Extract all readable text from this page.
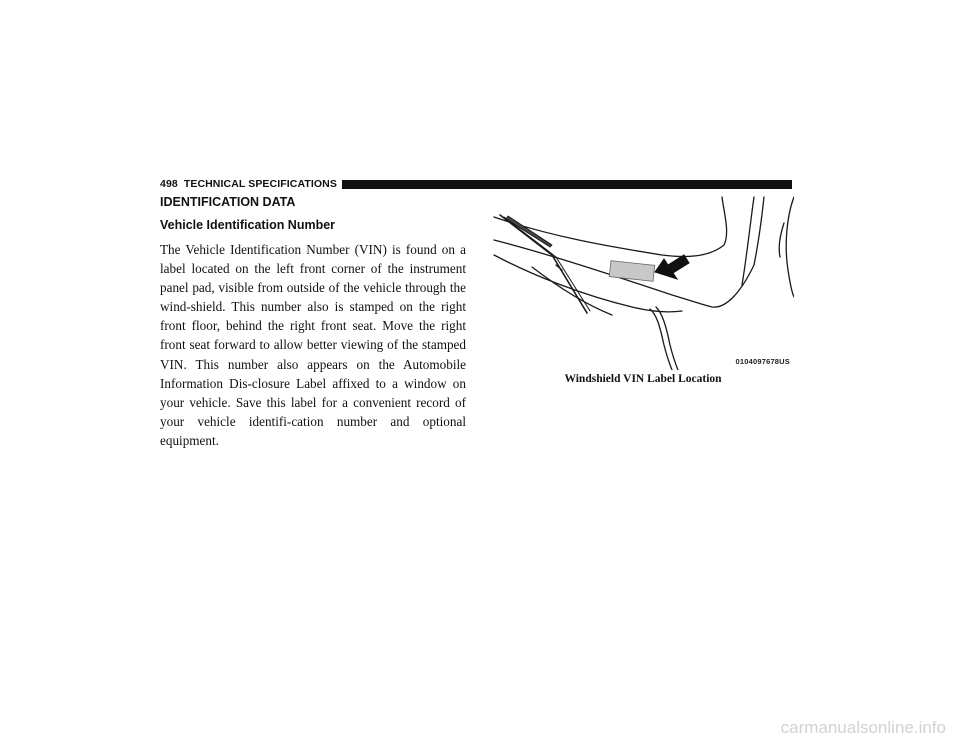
498 TECHNICAL SPECIFICATIONS
IDENTIFICATION DATA
Vehicle Identification Number

The Vehicle Identification Number (VIN) is found on a label located on the left front corner of the instrument panel pad, visible from outside of the vehicle through the wind-shield. This number also is stamped on the right front floor, behind the right front seat. Move the right front seat forward to allow better viewing of the stamped VIN. This number also appears on the Automobile Information Dis-closure Label affixed to a window on your vehicle. Save this label for a convenient record of your vehicle identifi-cation number and optional equipment.

0104097678US
Windshield VIN Label Location
carmanualsonline.info
